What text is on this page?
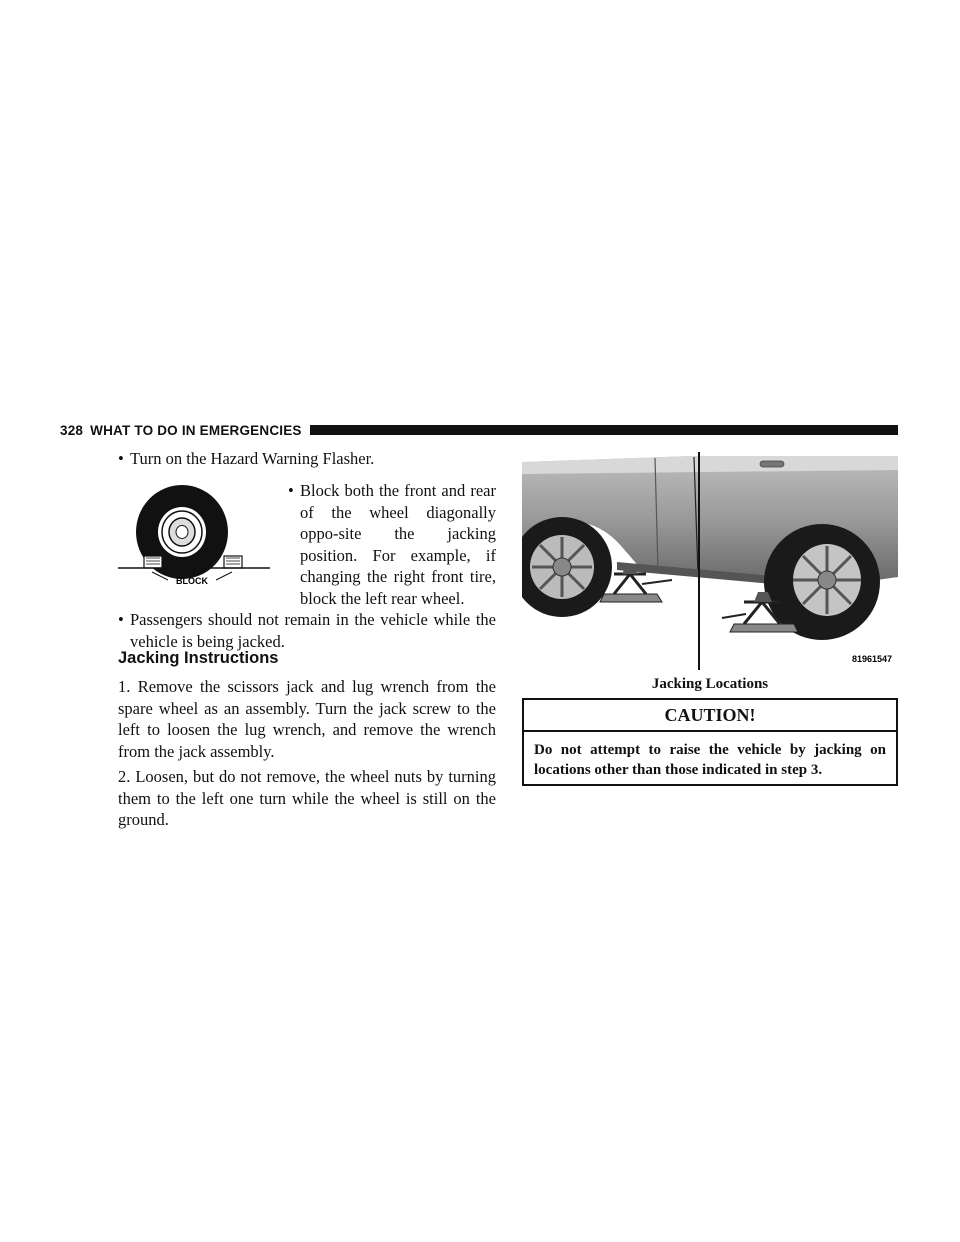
328 WHAT TO DO IN EMERGENCIES
• Turn on the Hazard Warning Flasher.
BLOCK
• Block both the front and rear of the wheel diagonally oppo-site the jacking position. For example, if changing the right front tire, block the left rear wheel.
• Passengers should not remain in the vehicle while the vehicle is being jacked.
Jacking Instructions

1. Remove the scissors jack and lug wrench from the spare wheel as an assembly. Turn the jack screw to the left to loosen the lug wrench, and remove the wrench from the jack assembly.

2. Loosen, but do not remove, the wheel nuts by turning them to the left one turn while the wheel is still on the ground.

81961547
Jacking Locations
CAUTION!
Do not attempt to raise the vehicle by jacking on locations other than those indicated in step 3.
